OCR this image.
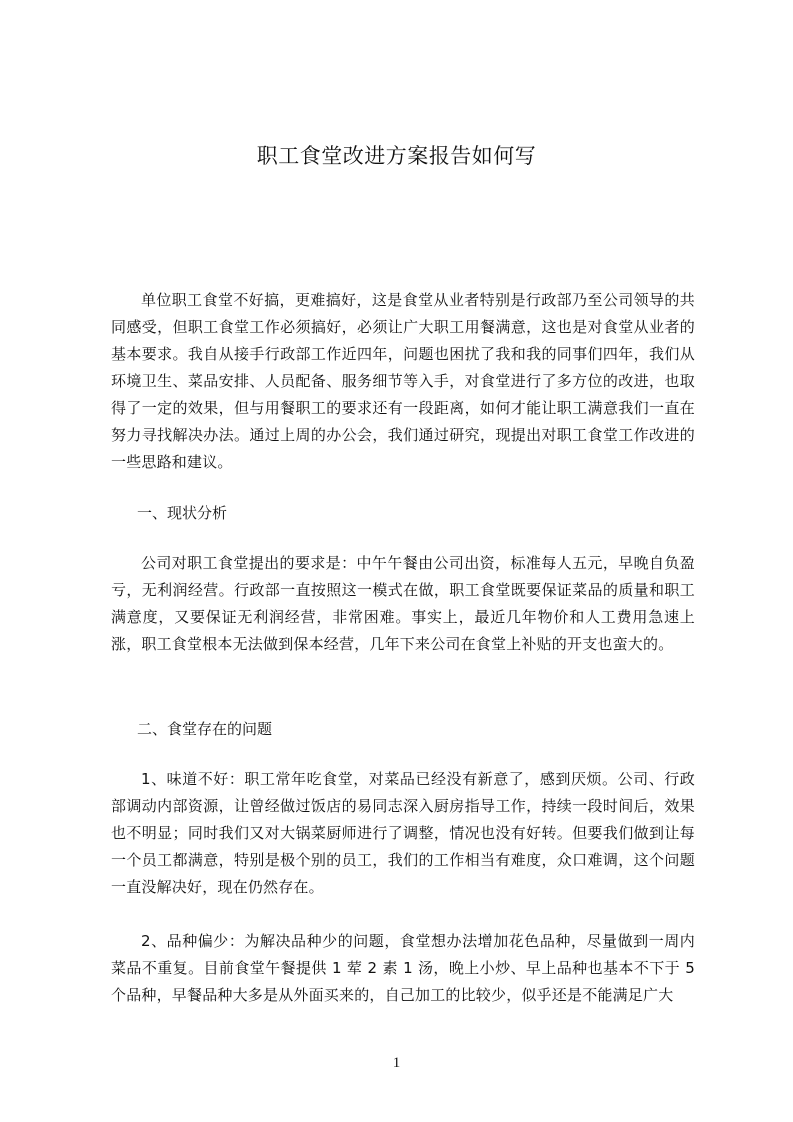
职工食堂改进方案报告如何写

单位职工食堂不好搞，更难搞好，这是食堂从业者特别是行政部乃至公司领导的共同感受，但职工食堂工作必须搞好，必须让广大职工用餐满意，这也是对食堂从业者的基本要求。我自从接手行政部工作近四年，问题也困扰了我和我的同事们四年，我们从环境卫生、菜品安排、人员配备、服务细节等入手，对食堂进行了多方位的改进，也取得了一定的效果，但与用餐职工的要求还有一段距离，如何才能让职工满意我们一直在努力寻找解决办法。通过上周的办公会，我们通过研究，现提出对职工食堂工作改进的一些思路和建议。

一、现状分析

公司对职工食堂提出的要求是：中午午餐由公司出资，标准每人五元，早晚自负盈亏，无利润经营。行政部一直按照这一模式在做，职工食堂既要保证菜品的质量和职工满意度，又要保证无利润经营，非常困难。事实上，最近几年物价和人工费用急速上涨，职工食堂根本无法做到保本经营，几年下来公司在食堂上补贴的开支也蛮大的。

二、食堂存在的问题

1、味道不好：职工常年吃食堂，对菜品已经没有新意了，感到厌烦。公司、行政部调动内部资源，让曾经做过饭店的易同志深入厨房指导工作，持续一段时间后，效果也不明显；同时我们又对大锅菜厨师进行了调整，情况也没有好转。但要我们做到让每一个员工都满意，特别是极个别的员工，我们的工作相当有难度，众口难调，这个问题一直没解决好，现在仍然存在。

2、品种偏少：为解决品种少的问题，食堂想办法增加花色品种，尽量做到一周内菜品不重复。目前食堂午餐提供 1 荤 2 素 1 汤，晚上小炒、早上品种也基本不下于 5 个品种，早餐品种大多是从外面买来的，自己加工的比较少，似乎还是不能满足广大

1
